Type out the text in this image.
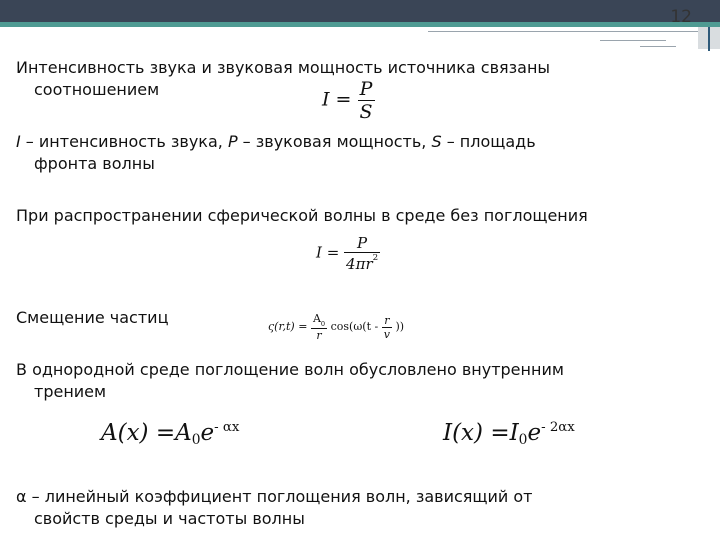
12
Интенсивность звука и звуковая мощность источника связаны
соотношением	$I = \frac{P}{S}$
I – интенсивность звука, P – звуковая мощность, S – площадь
фронта волны
При распространении сферической волны в среде без поглощения
$I = \frac{P}{4\pi r^2}$
Смещение частиц	$\varsigma(r,t) = \frac{A_0}{r} \cos(\omega(t - \frac{r}{v}$ ))
В однородной среде поглощение волн обусловлено внутренним
трением
$A(x) =A_0e^{- \alpha x}$	$I(x) =I_0e^{- 2\alpha x}$
α – линейный коэффициент поглощения волн, зависящий от
свойств среды и частоты волны
